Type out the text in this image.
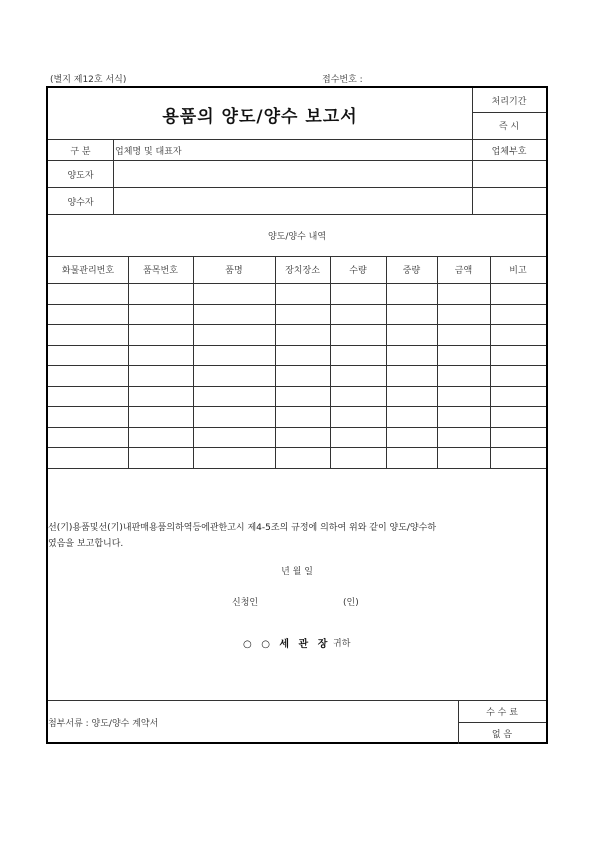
(별지 제12호 서식)	접수번호 :
용품의 양도/양수 보고서
처리기간
즉 시
구 분	업체명 및 대표자	업체부호
양도자
양수자
양도/양수 내역
화물관리번호	품목번호	품명	장치장소	수량	중량	금액	비고
선(기)용품및선(기)내판매용품의하역등에관한고시 제4-5조의 규정에 의하여 위와 같이 양도/양수하
였음을 보고합니다.
년 월 일
신청인	(인)
○ ○ 세 관 장 귀하
첨부서류 : 양도/양수 계약서
수 수 료
없 음
